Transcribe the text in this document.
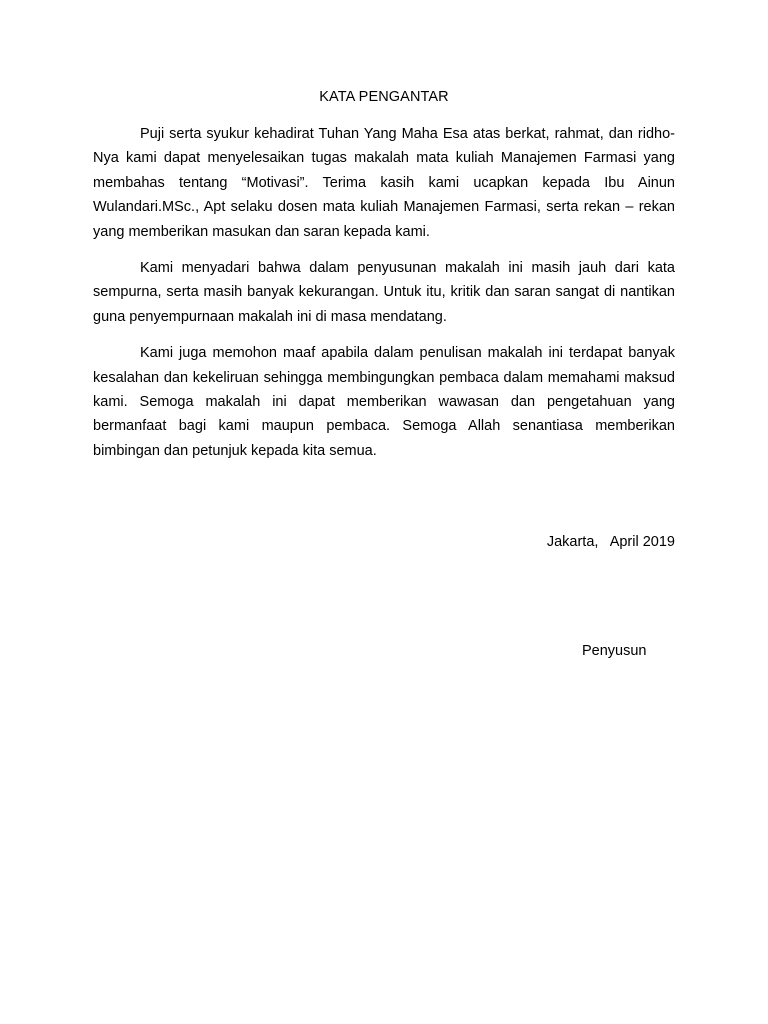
KATA PENGANTAR

Puji serta syukur kehadirat Tuhan Yang Maha Esa atas berkat, rahmat, dan ridho-Nya kami dapat menyelesaikan tugas makalah mata kuliah Manajemen Farmasi yang membahas tentang “Motivasi”. Terima kasih kami ucapkan kepada Ibu Ainun Wulandari.MSc., Apt selaku dosen mata kuliah Manajemen Farmasi, serta rekan – rekan yang memberikan masukan dan saran kepada kami.

Kami menyadari bahwa dalam penyusunan makalah ini masih jauh dari kata sempurna, serta masih banyak kekurangan. Untuk itu, kritik dan saran sangat di nantikan guna penyempurnaan makalah ini di masa mendatang.

Kami juga memohon maaf apabila dalam penulisan makalah ini terdapat banyak kesalahan dan kekeliruan sehingga membingungkan pembaca dalam memahami maksud kami. Semoga makalah ini dapat memberikan wawasan dan pengetahuan yang bermanfaat bagi kami maupun pembaca. Semoga Allah senantiasa memberikan bimbingan dan petunjuk kepada kita semua.

Jakarta,   April 2019
Penyusun
